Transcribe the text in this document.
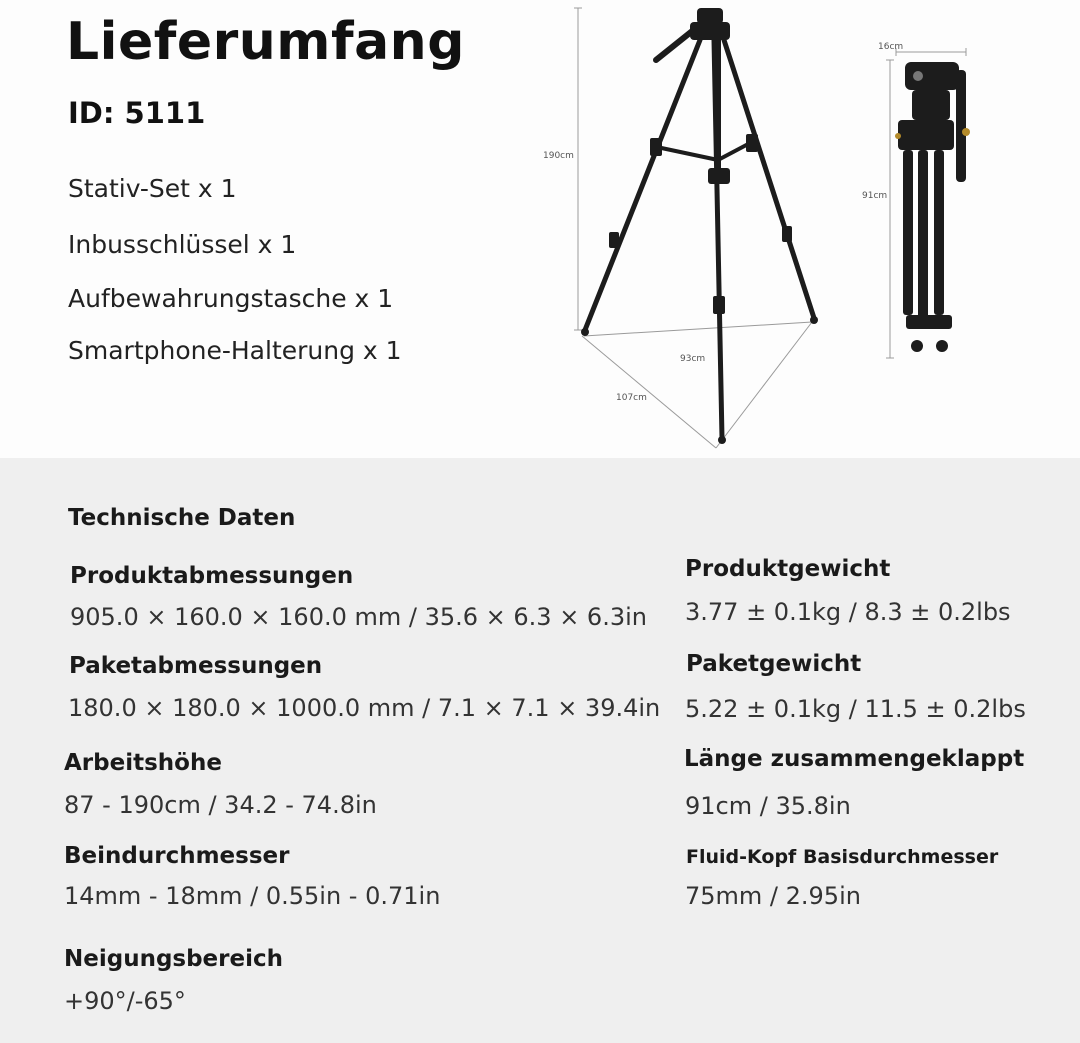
Lieferumfang
ID: 5111
Stativ-Set x 1
Inbusschlüssel x 1
Aufbewahrungstasche x 1
Smartphone-Halterung x 1
190cm
93cm
107cm
16cm
91cm
Technische Daten
Produktabmessungen
905.0 × 160.0 × 160.0 mm / 35.6 × 6.3 × 6.3in
Paketabmessungen
180.0 × 180.0 × 1000.0 mm / 7.1 × 7.1 × 39.4in
Arbeitshöhe
87 - 190cm / 34.2 - 74.8in
Beindurchmesser
14mm - 18mm / 0.55in - 0.71in
Neigungsbereich
+90°/-65°
Produktgewicht
3.77 ± 0.1kg / 8.3 ± 0.2lbs
Paketgewicht
5.22 ± 0.1kg / 11.5 ± 0.2lbs
Länge zusammengeklappt
91cm / 35.8in
Fluid-Kopf Basisdurchmesser
75mm / 2.95in
